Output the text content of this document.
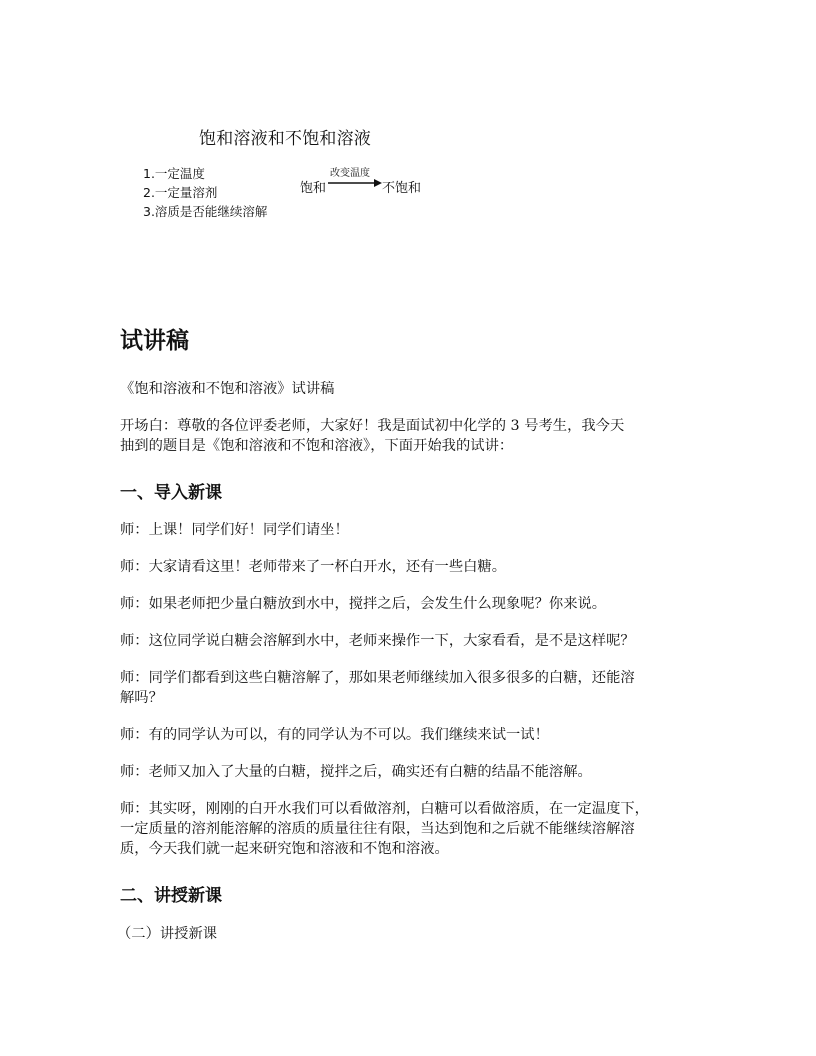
饱和溶液和不饱和溶液
1.一定温度
2.一定量溶剂
3.溶质是否能继续溶解
改变温度
饱和	不饱和
试讲稿
《饱和溶液和不饱和溶液》试讲稿
开场白：尊敬的各位评委老师，大家好！我是面试初中化学的 3 号考生，我今天
抽到的题目是《饱和溶液和不饱和溶液》，下面开始我的试讲：
一、导入新课
师：上课！同学们好！同学们请坐！
师：大家请看这里！老师带来了一杯白开水，还有一些白糖。
师：如果老师把少量白糖放到水中，搅拌之后，会发生什么现象呢？你来说。
师：这位同学说白糖会溶解到水中，老师来操作一下，大家看看，是不是这样呢？
师：同学们都看到这些白糖溶解了，那如果老师继续加入很多很多的白糖，还能溶
解吗？
师：有的同学认为可以，有的同学认为不可以。我们继续来试一试！
师：老师又加入了大量的白糖，搅拌之后，确实还有白糖的结晶不能溶解。
师：其实呀，刚刚的白开水我们可以看做溶剂，白糖可以看做溶质，在一定温度下，
一定质量的溶剂能溶解的溶质的质量往往有限，当达到饱和之后就不能继续溶解溶
质，今天我们就一起来研究饱和溶液和不饱和溶液。
二、讲授新课
（二）讲授新课
